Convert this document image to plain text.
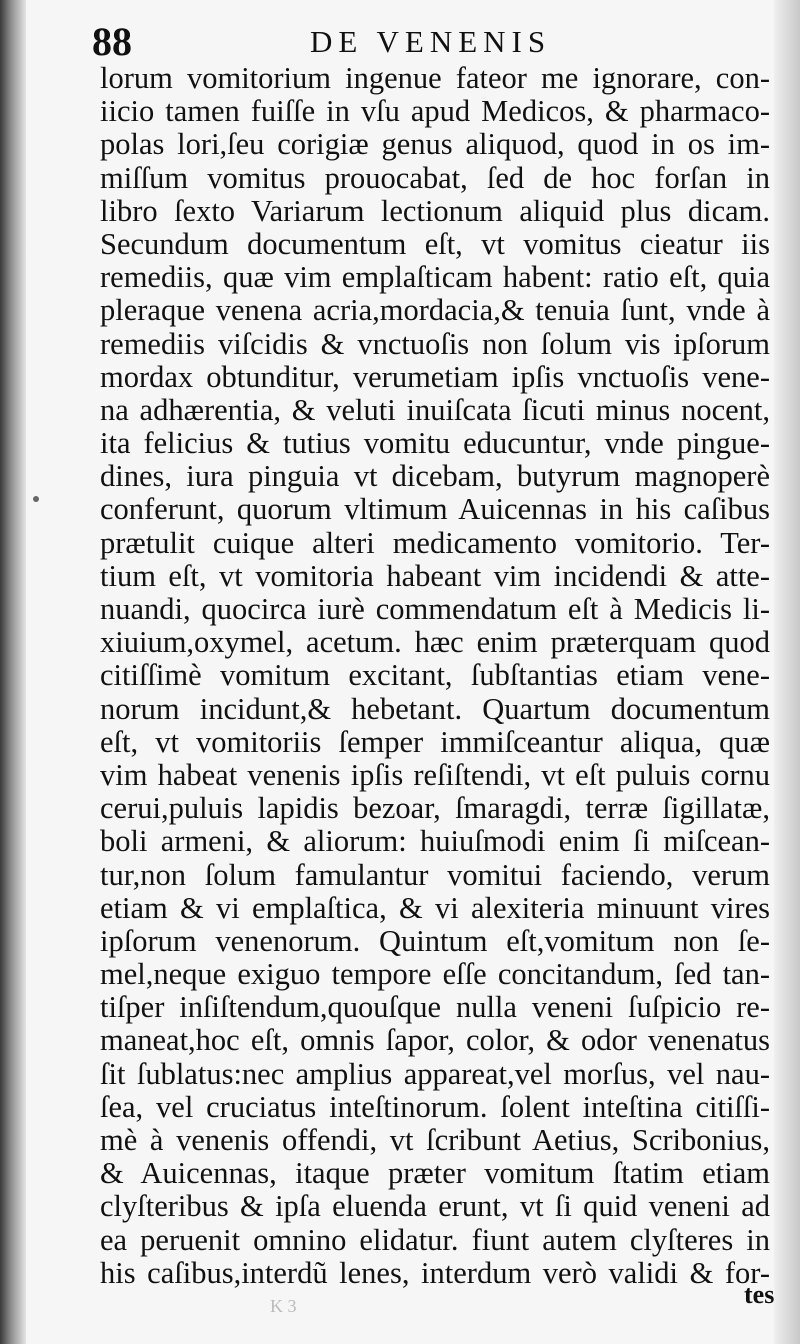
88	DE VENENIS
lorum vomitorium ingenue fateor me ignorare, con-
iicio tamen fuiſſe in vſu apud Medicos, & pharmaco-
polas lori,ſeu corigiæ genus aliquod, quod in os im-
miſſum vomitus prouocabat, ſed de hoc forſan in
libro ſexto Variarum lectionum aliquid plus dicam.
Secundum documentum eſt, vt vomitus cieatur iis
remediis, quæ vim emplaſticam habent: ratio eſt, quia
pleraque venena acria,mordacia,& tenuia ſunt, vnde à
remediis viſcidis & vnctuoſis non ſolum vis ipſorum
mordax obtunditur, verumetiam ipſis vnctuoſis vene-
na adhærentia, & veluti inuiſcata ſicuti minus nocent,
ita felicius & tutius vomitu educuntur, vnde pingue-
dines, iura pinguia vt dicebam, butyrum magnoperè
conferunt, quorum vltimum Auicennas in his caſibus
prætulit cuique alteri medicamento vomitorio. Ter-
tium eſt, vt vomitoria habeant vim incidendi & atte-
nuandi, quocirca iurè commendatum eſt à Medicis li-
xiuium,oxymel, acetum. hæc enim præterquam quod
citiſſimè vomitum excitant, ſubſtantias etiam vene-
norum incidunt,& hebetant. Quartum documentum
eſt, vt vomitoriis ſemper immiſceantur aliqua, quæ
vim habeat venenis ipſis reſiſtendi, vt eſt puluis cornu
cerui,puluis lapidis bezoar, ſmaragdi, terræ ſigillatæ,
boli armeni, & aliorum: huiuſmodi enim ſi miſcean-
tur,non ſolum famulantur vomitui faciendo, verum
etiam & vi emplaſtica, & vi alexiteria minuunt vires
ipſorum venenorum. Quintum eſt,vomitum non ſe-
mel,neque exiguo tempore eſſe concitandum, ſed tan-
tiſper inſiſtendum,quouſque nulla veneni ſuſpicio re-
maneat,hoc eſt, omnis ſapor, color, & odor venenatus
ſit ſublatus:nec amplius appareat,vel morſus, vel nau-
ſea, vel cruciatus inteſtinorum. ſolent inteſtina citiſſi-
mè à venenis offendi, vt ſcribunt Aetius, Scribonius,
& Auicennas, itaque præter vomitum ſtatim etiam
clyſteribus & ipſa eluenda erunt, vt ſi quid veneni ad
ea peruenit omnino elidatur. fiunt autem clyſteres in
his caſibus,interdũ lenes, interdum verò validi & for-
K 3	tes
